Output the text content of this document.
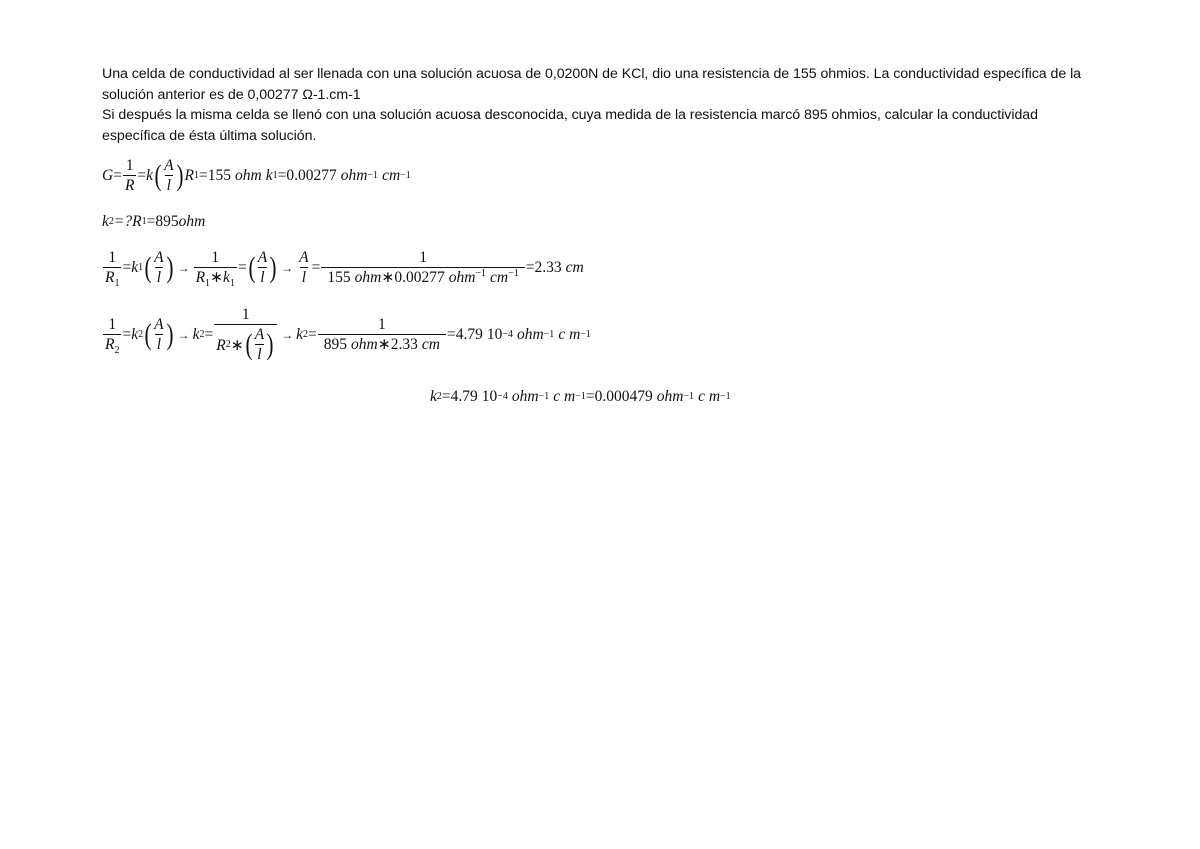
Una celda de conductividad al ser llenada con una solución acuosa de 0,0200N de KCl, dio una resistencia de 155 ohmios. La conductividad específica de la solución anterior es de 0,00277 Ω-1.cm-1
Si después la misma celda se llenó con una solución acuosa desconocida, cuya medida de la resistencia marcó 895 ohmios, calcular la conductividad específica de ésta última solución.
$G = \frac{1}{R} = k$ ( $\frac{A}{l}$ ) R 1 =155 ohm k 1 =0.00277 ohm −1 cm −1
k 2 =? R 1 =895 ohm
$\frac{1}{R_1} = k$ 1 ( $\frac{A}{l}$ ) → $\frac{1}{R_1∗k_1}$ = ( $\frac{A}{l}$ ) → $\frac{A}{l} = \frac{1}{155 ohm∗0.00277 ohm^{-1} cm^{-1}} =2.33$ cm
$\frac{1}{R_2} = k$ 2 ( $\frac{A}{l}$ ) → k $2 = \frac{1}{R 2 ∗ ( \frac{A}{l} )} \to k$ $2 = \frac{1}{\text{895 ohm∗2.33 cm}} =4.79$ 10 −4 ohm −1 c m −1
k 2 =4.79 10 −4 ohm −1 c m −1 =0.000479 ohm −1 c m −1
